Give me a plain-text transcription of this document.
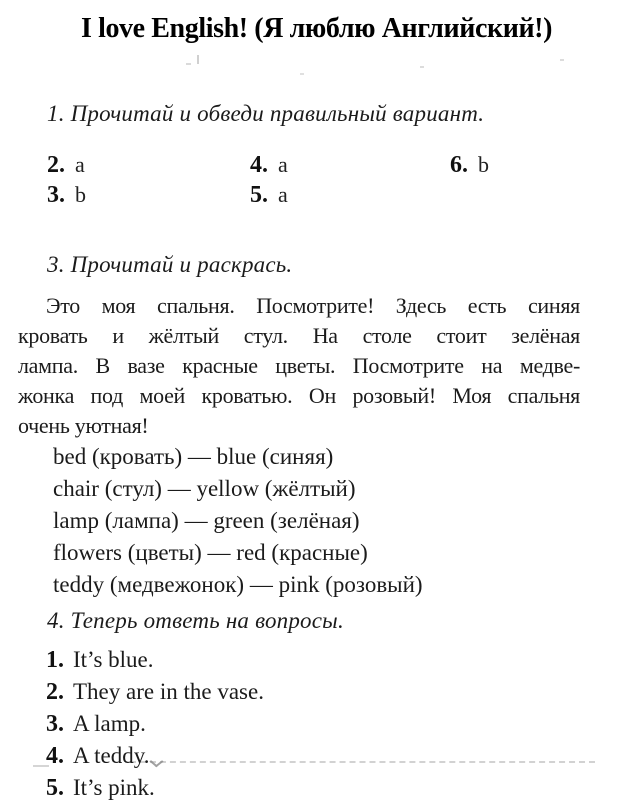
I love English! (Я люблю Английский!)
1. Прочитай и обведи правильный вариант.
2. a	4. a	6. b
3. b	5. a
3. Прочитай и раскрась.
Это моя спальня. Посмотрите! Здесь есть синяя
кровать и жёлтый стул. На столе стоит зелёная
лампа. В вазе красные цветы. Посмотрите на медве-
жонка под моей кроватью. Он розовый! Моя спальня
очень уютная!
bed (кровать) — blue (синяя)
chair (стул) — yellow (жёлтый)
lamp (лампа) — green (зелёная)
flowers (цветы) — red (красные)
teddy (медвежонок) — pink (розовый)
4. Теперь ответь на вопросы.
1. It’s blue.
2. They are in the vase.
3. A lamp.
4. A teddy.
5. It’s pink.
